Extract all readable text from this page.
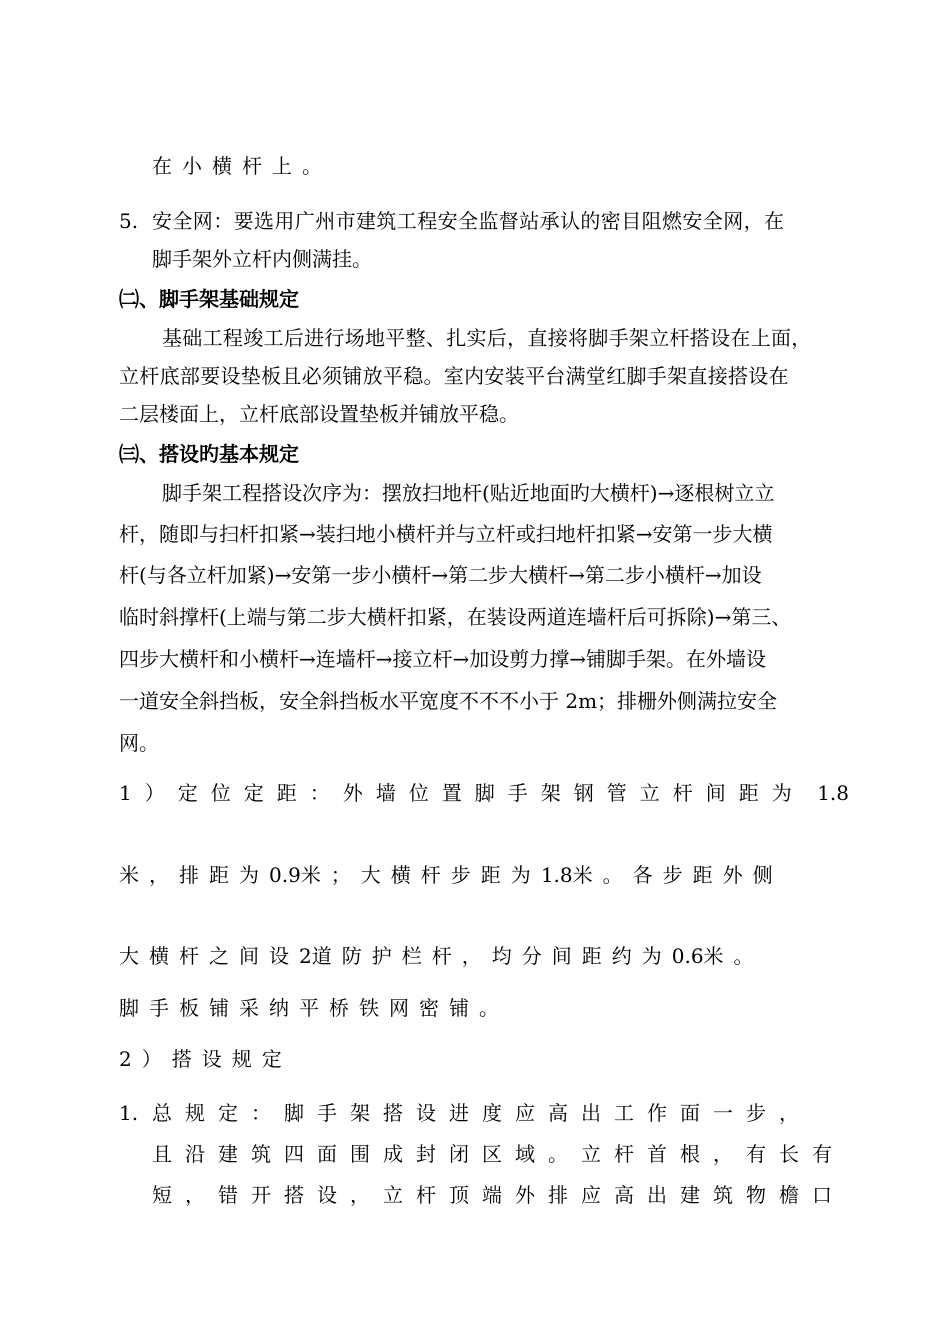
在小横杆上。
5. 安全网：要选用广州市建筑工程安全监督站承认的密目阻燃安全网，在
脚手架外立杆内侧满挂。
㈡、脚手架基础规定
基础工程竣工后进行场地平整、扎实后，直接将脚手架立杆搭设在上面，
立杆底部要设垫板且必须铺放平稳。室内安装平台满堂红脚手架直接搭设在
二层楼面上，立杆底部设置垫板并铺放平稳。
㈢、搭设旳基本规定
脚手架工程搭设次序为：摆放扫地杆(贴近地面旳大横杆)→逐根树立立
杆，随即与扫杆扣紧→装扫地小横杆并与立杆或扫地杆扣紧→安第一步大横
杆(与各立杆加紧)→安第一步小横杆→第二步大横杆→第二步小横杆→加设
临时斜撑杆(上端与第二步大横杆扣紧，在装设两道连墙杆后可拆除)→第三、
四步大横杆和小横杆→连墙杆→接立杆→加设剪力撑→铺脚手架。在外墙设
一道安全斜挡板，安全斜挡板水平宽度不不不小于 2m；排栅外侧满拉安全
网。
1）定位定距：外墙位置脚手架钢管立杆间距为 1.8
米，排距为0.9米；大横杆步距为1.8米。各步距外侧
大横杆之间设2道防护栏杆，均分间距约为0.6米。
脚手板铺采纳平桥铁网密铺。
2）搭设规定
1. 总规定：脚手架搭设进度应高出工作面一步，
且沿建筑四面围成封闭区域。立杆首根，有长有
短，错开搭设，立杆顶端外排应高出建筑物檐口
